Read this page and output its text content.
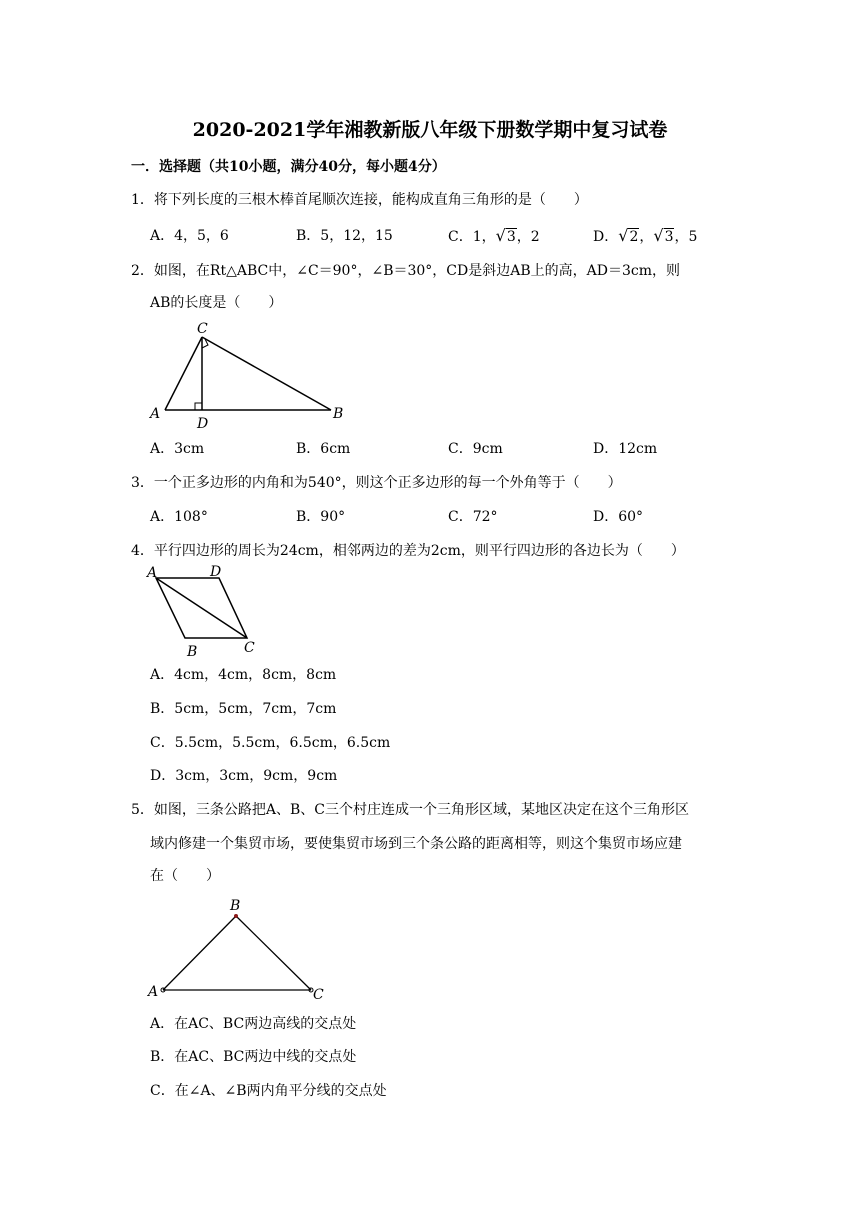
2020-2021学年湘教新版八年级下册数学期中复习试卷
一．选择题（共10小题，满分40分，每小题4分）
1．将下列长度的三根木棒首尾顺次连接，能构成直角三角形的是（　　）
A．4，5，6	B．5，12，15	C．1，√3，2	D．√2，√3，5
2．如图，在Rt△ABC中，∠C＝90°，∠B＝30°，CD是斜边AB上的高，AD＝3cm，则
AB的长度是（　　）
C
A
D
B
A．3cm	B．6cm	C．9cm	D．12cm
3．一个正多边形的内角和为540°，则这个正多边形的每一个外角等于（　　）
A．108°	B．90°	C．72°	D．60°
4．平行四边形的周长为24cm，相邻两边的差为2cm，则平行四边形的各边长为（　　）
A	D
B	C
A．4cm，4cm，8cm，8cm
B．5cm，5cm，7cm，7cm
C．5.5cm，5.5cm，6.5cm，6.5cm
D．3cm，3cm，9cm，9cm
5．如图，三条公路把A、B、C三个村庄连成一个三角形区域，某地区决定在这个三角形区
域内修建一个集贸市场，要使集贸市场到三个条公路的距离相等，则这个集贸市场应建
在（　　）
B
A	C
A．在AC、BC两边高线的交点处
B．在AC、BC两边中线的交点处
C．在∠A、∠B两内角平分线的交点处
